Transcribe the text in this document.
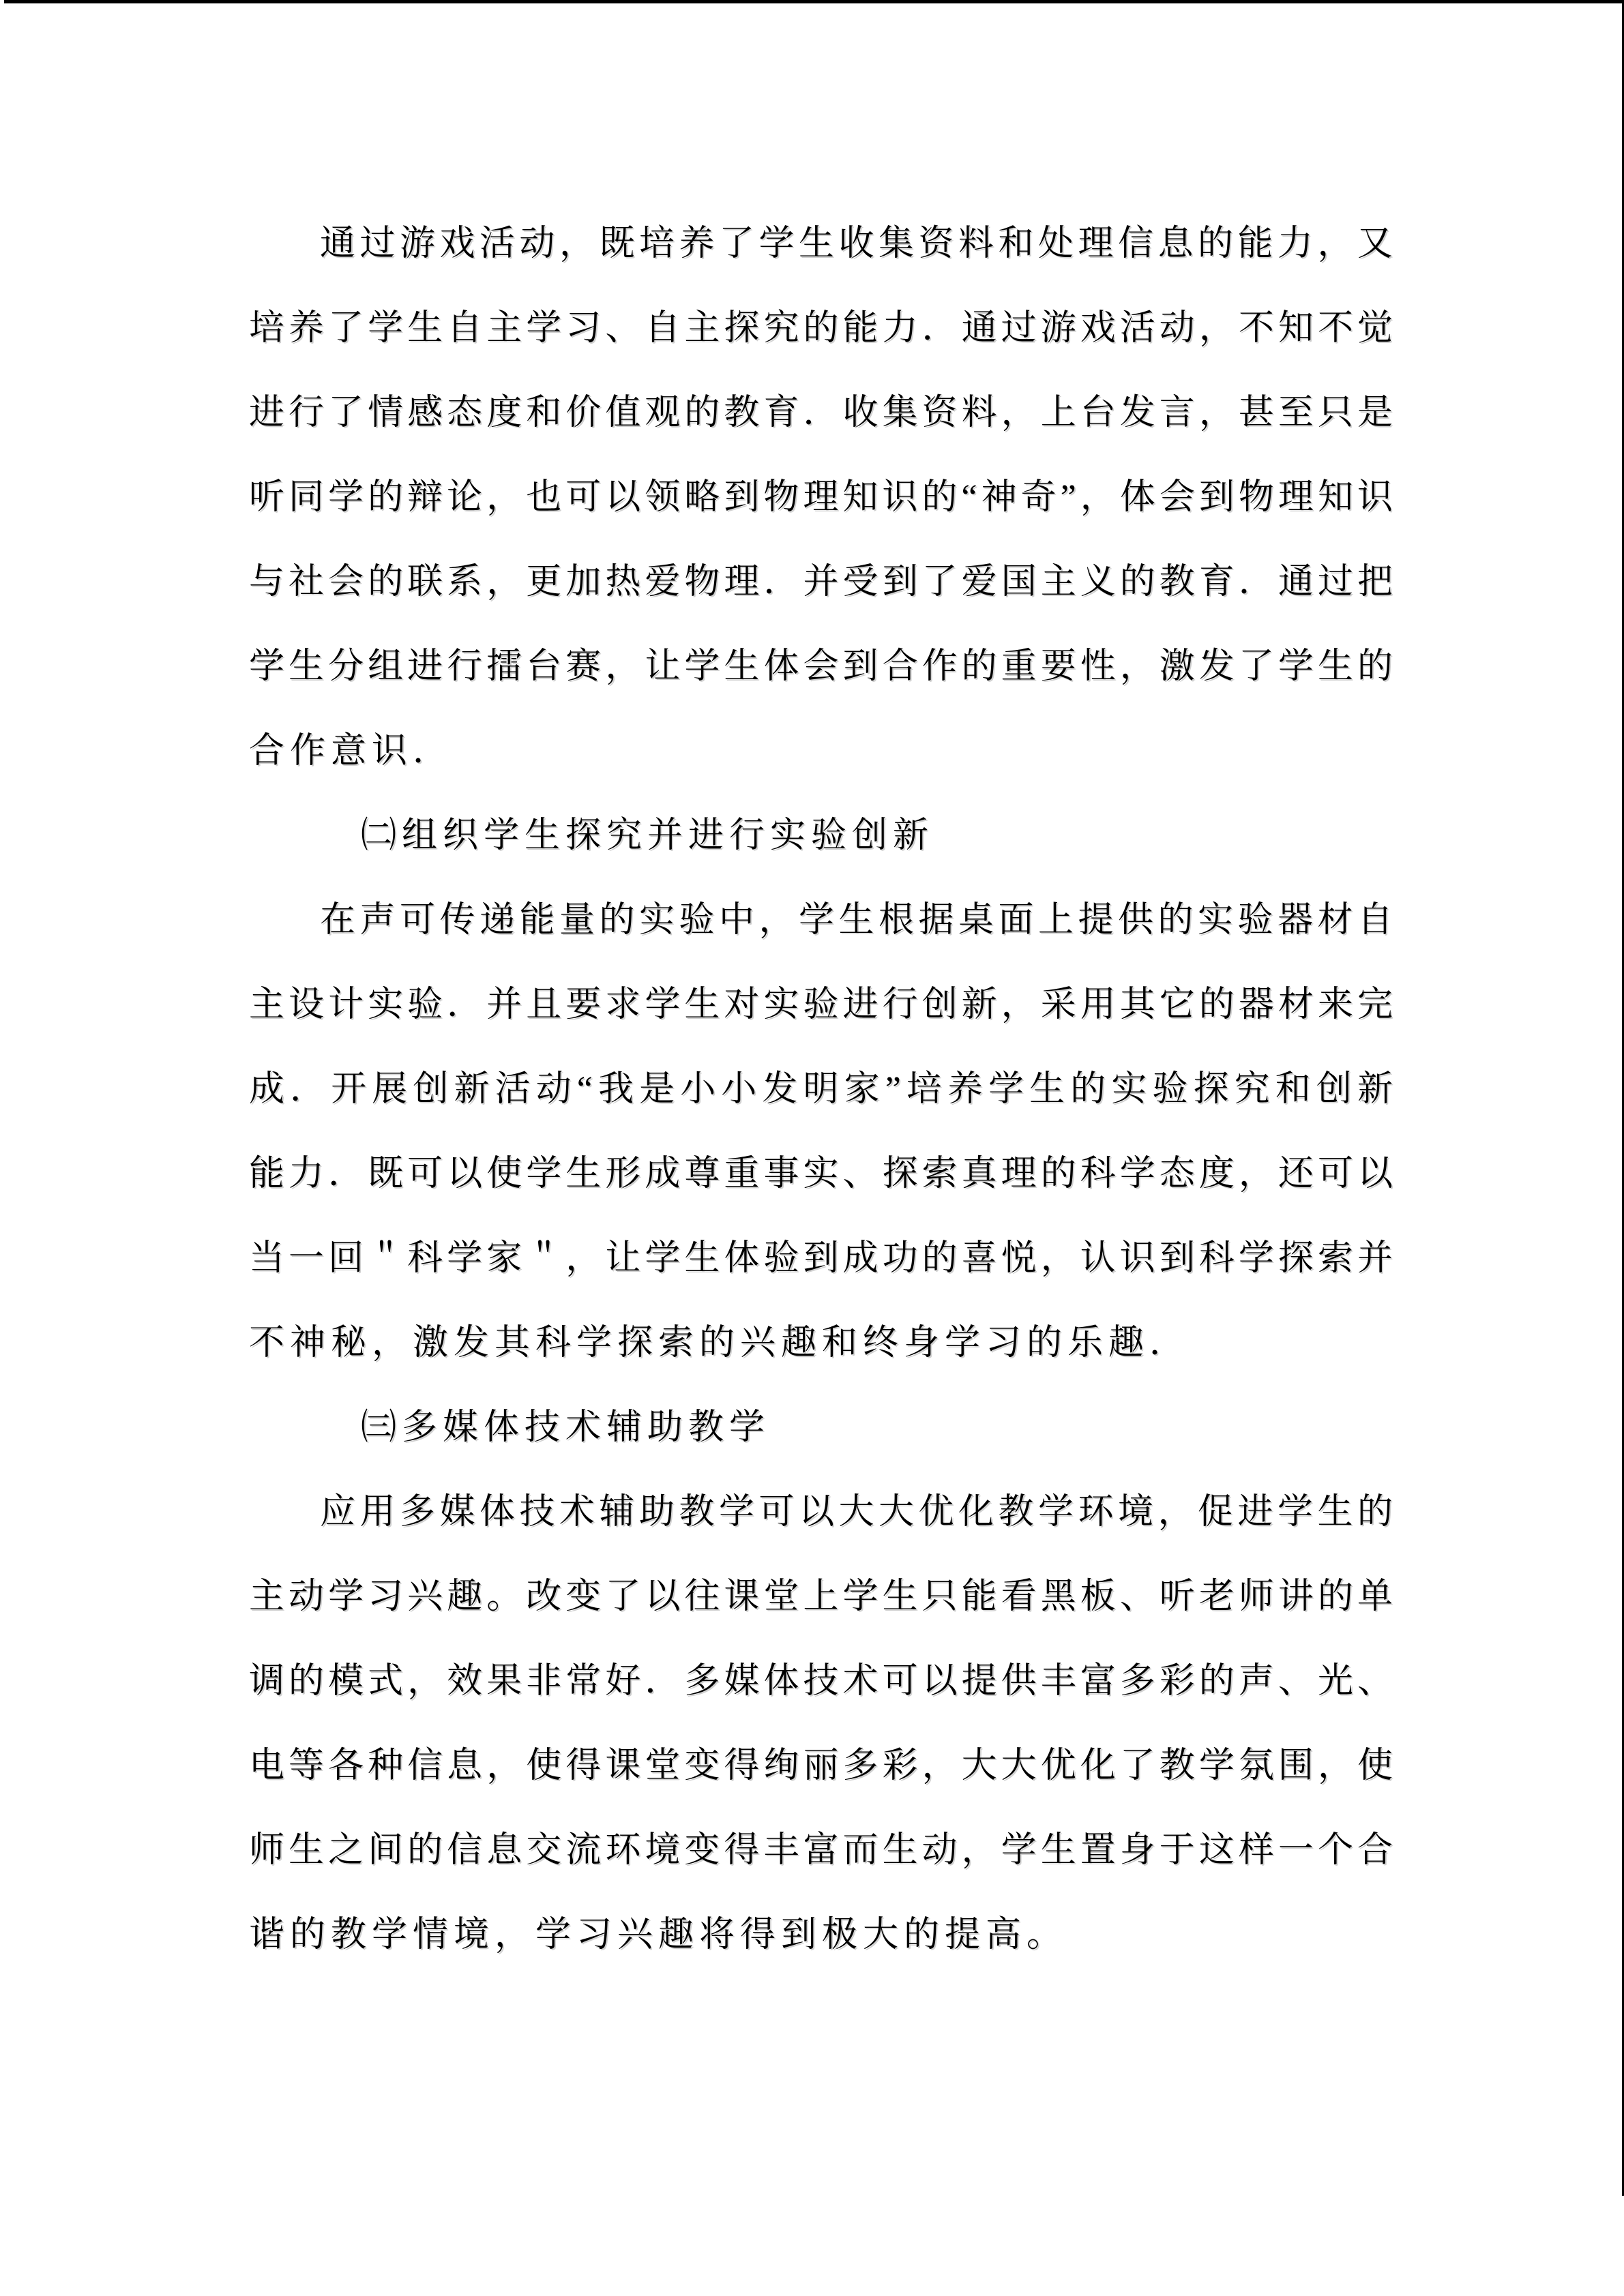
通过游戏活动，既培养了学生收集资料和处理信息的能力，又
培养了学生自主学习、自主探究的能力．通过游戏活动，不知不觉
进行了情感态度和价值观的教育．收集资料，上台发言，甚至只是
听同学的辩论，也可以领略到物理知识的“神奇”，体会到物理知识
与社会的联系，更加热爱物理．并受到了爱国主义的教育．通过把
学生分组进行擂台赛，让学生体会到合作的重要性，激发了学生的
合作意识．
㈡组织学生探究并进行实验创新
在声可传递能量的实验中，学生根据桌面上提供的实验器材自
主设计实验．并且要求学生对实验进行创新，采用其它的器材来完
成．开展创新活动“我是小小发明家”培养学生的实验探究和创新
能力．既可以使学生形成尊重事实、探索真理的科学态度，还可以
当一回＂科学家＂，让学生体验到成功的喜悦，认识到科学探索并
不神秘，激发其科学探索的兴趣和终身学习的乐趣．
㈢多媒体技术辅助教学
应用多媒体技术辅助教学可以大大优化教学环境，促进学生的
主动学习兴趣。改变了以往课堂上学生只能看黑板、听老师讲的单
调的模式，效果非常好．多媒体技术可以提供丰富多彩的声、光、
电等各种信息，使得课堂变得绚丽多彩，大大优化了教学氛围，使
师生之间的信息交流环境变得丰富而生动，学生置身于这样一个合
谐的教学情境，学习兴趣将得到极大的提高。
